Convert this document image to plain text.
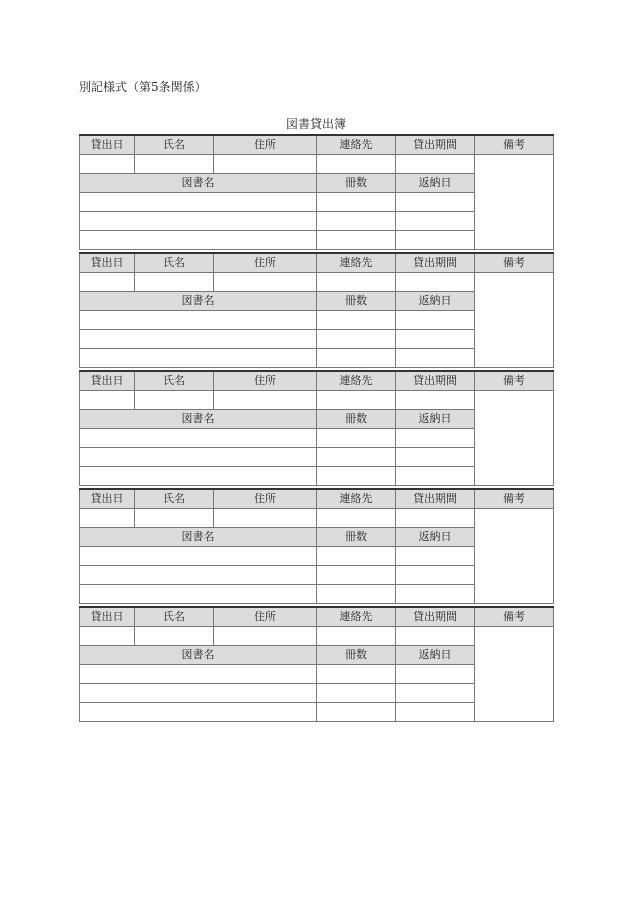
別記様式（第5条関係）
図書貸出簿
貸出日	氏名	住所	連絡先	貸出期間	備考

図書名			冊数	返納日	

貸出日	氏名	住所	連絡先	貸出期間	備考

図書名			冊数	返納日	

貸出日	氏名	住所	連絡先	貸出期間	備考

図書名			冊数	返納日	

貸出日	氏名	住所	連絡先	貸出期間	備考

図書名			冊数	返納日	

貸出日	氏名	住所	連絡先	貸出期間	備考

図書名			冊数	返納日	
